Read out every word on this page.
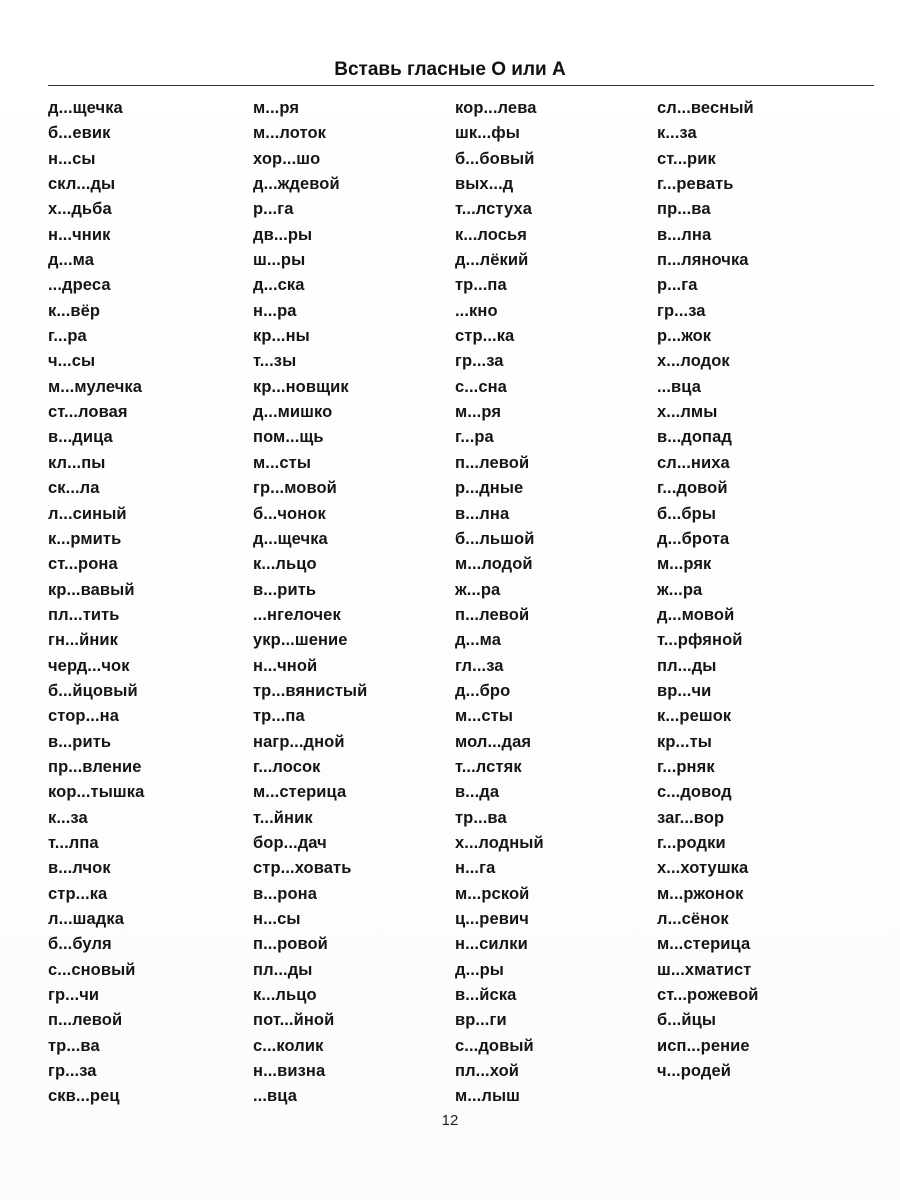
Вставь гласные О или А
д...щечка
б...евик
н...сы
скл...ды
х...дьба
н...чник
д...ма
...дреса
к...вёр
г...ра
ч...сы
м...мулечка
ст...ловая
в...дица
кл...пы
ск...ла
л...синый
к...рмить
ст...рона
кр...вавый
пл...тить
гн...йник
черд...чок
б...йцовый
стор...на
в...рить
пр...вление
кор...тышка
к...за
т...лпа
в...лчок
стр...ка
л...шадка
б...буля
с...сновый
гр...чи
п...левой
тр...ва
гр...за
скв...рец
м...ря
м...лоток
хор...шо
д...ждевой
р...га
дв...ры
ш...ры
д...ска
н...ра
кр...ны
т...зы
кр...новщик
д...мишко
пом...щь
м...сты
гр...мовой
б...чонок
д...щечка
к...льцо
в...рить
...нгелочек
укр...шение
н...чной
тр...вянистый
тр...па
нагр...дной
г...лосок
м...стерица
т...йник
бор...дач
стр...ховать
в...рона
н...сы
п...ровой
пл...ды
к...льцо
пот...йной
с...колик
н...визна
...вца
кор...лева
шк...фы
б...бовый
вых...д
т...лстуха
к...лосья
д...лёкий
тр...па
...кно
стр...ка
гр...за
с...сна
м...ря
г...ра
п...левой
р...дные
в...лна
б...льшой
м...лодой
ж...ра
п...левой
д...ма
гл...за
д...бро
м...сты
мол...дая
т...лстяк
в...да
тр...ва
х...лодный
н...га
м...рской
ц...ревич
н...силки
д...ры
в...йска
вр...ги
с...довый
пл...хой
м...лыш
сл...весный
к...за
ст...рик
г...ревать
пр...ва
в...лна
п...ляночка
р...га
гр...за
р...жок
х...лодок
...вца
х...лмы
в...допад
сл...ниха
г...довой
б...бры
д...брота
м...ряк
ж...ра
д...мовой
т...рфяной
пл...ды
вр...чи
к...решок
кр...ты
г...рняк
с...довод
заг...вор
г...родки
х...хотушка
м...ржонок
л...сёнок
м...стерица
ш...хматист
ст...рожевой
б...йцы
исп...рение
ч...родей
12
